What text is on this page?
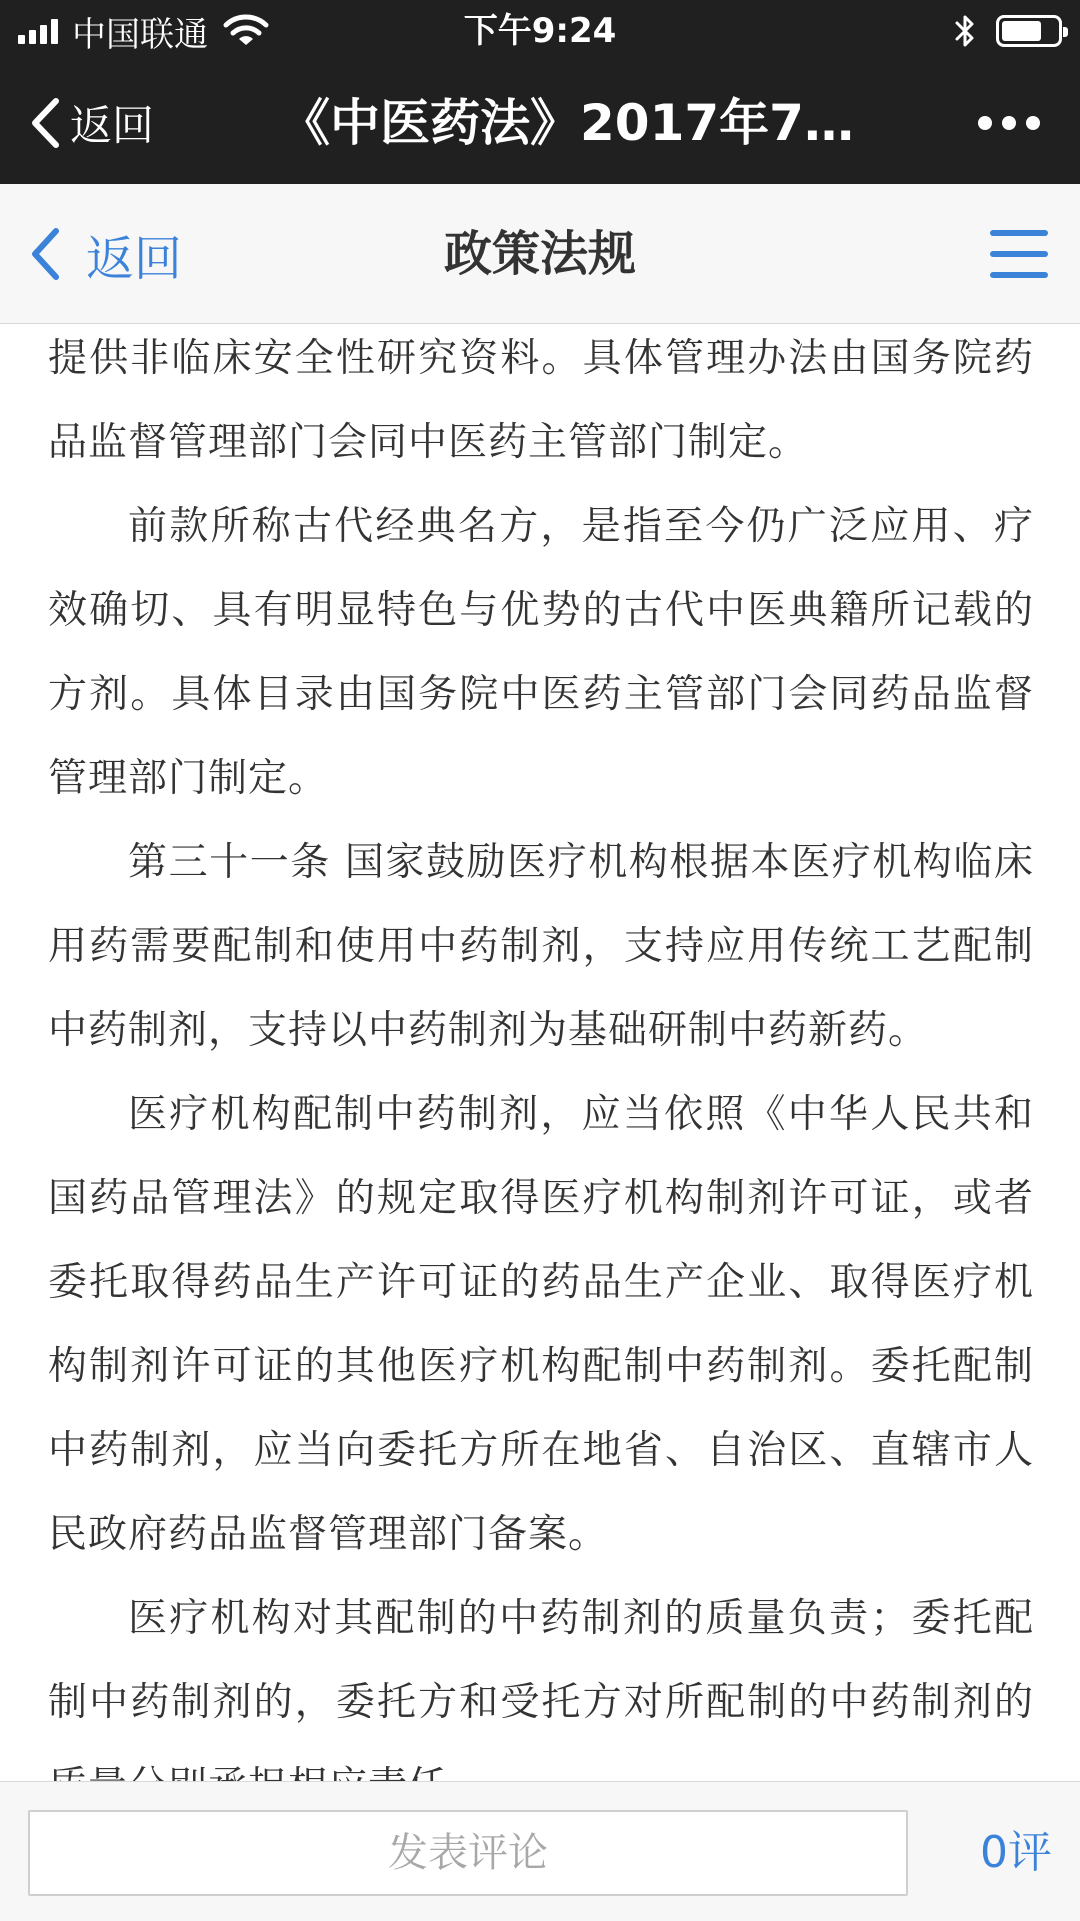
中国联通	下午9:24
返回	《中医药法》2017年7…
返回	政策法规

提供非临床安全性研究资料。具体管理办法由国务院药品监督管理部门会同中医药主管部门制定。

前款所称古代经典名方，是指至今仍广泛应用、疗效确切、具有明显特色与优势的古代中医典籍所记载的方剂。具体目录由国务院中医药主管部门会同药品监督管理部门制定。

第三十一条 国家鼓励医疗机构根据本医疗机构临床用药需要配制和使用中药制剂，支持应用传统工艺配制中药制剂，支持以中药制剂为基础研制中药新药。

医疗机构配制中药制剂，应当依照《中华人民共和国药品管理法》的规定取得医疗机构制剂许可证，或者委托取得药品生产许可证的药品生产企业、取得医疗机构制剂许可证的其他医疗机构配制中药制剂。委托配制中药制剂，应当向委托方所在地省、自治区、直辖市人民政府药品监督管理部门备案。

医疗机构对其配制的中药制剂的质量负责；委托配制中药制剂的，委托方和受托方对所配制的中药制剂的

发表评论
0评
